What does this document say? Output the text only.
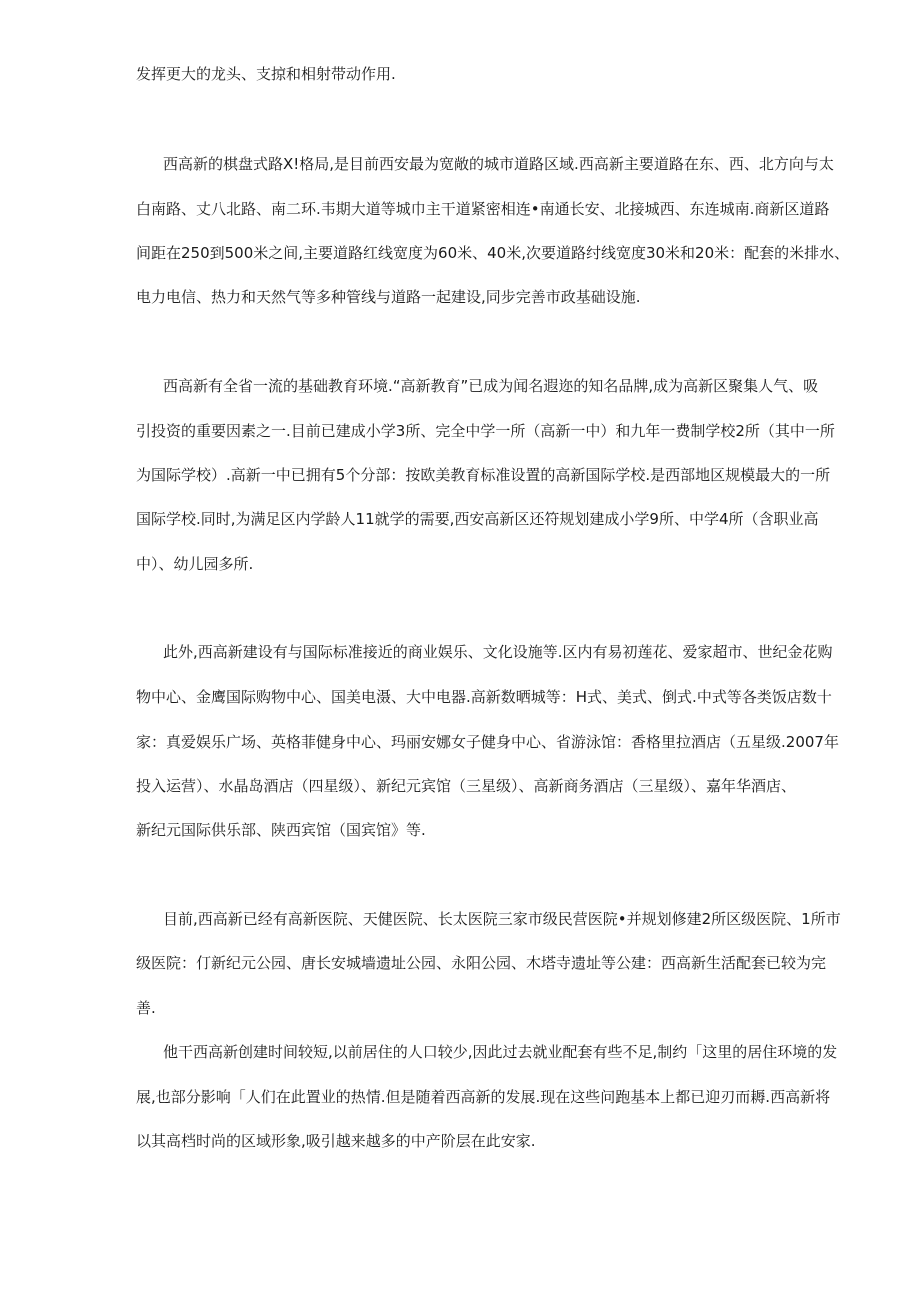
发挥更大的龙头、支掠和相射带动作用.
西高新的棋盘式路X!格局,是目前西安最为宽敞的城市道路区域.西高新主要道路在东、西、北方向与太
白南路、丈八北路、南二环.韦期大道等城巾主干道紧密相连•南通长安、北接城西、东连城南.商新区道路
间距在250到500米之间,主要道路红线宽度为60米、40米,次要道路纣线宽度30米和20米：配套的米排水、
电力电信、热力和天然气等多种管线与道路一起建设,同步完善市政基础设施.
西高新有全省一流的基础教育环境.“高新教育”已成为闻名遐迩的知名品牌,成为高新区聚集人气、吸
引投资的重要因素之一.目前已建成小学3所、完全中学一所（高新一中）和九年一费制学校2所（其中一所
为国际学校）.高新一中已拥有5个分部：按欧美教育标准设置的高新国际学校.是西部地区规模最大的一所
国际学校.同时,为满足区内学龄人11就学的需要,西安高新区还符规划建成小学9所、中学4所（含职业高
中）、幼儿园多所.
此外,西高新建设有与国际标准接近的商业娱乐、文化设施等.区内有易初莲花、爱家超市、世纪金花购
物中心、金鹰国际购物中心、国美电滠、大中电器.高新数晒城等：H式、美式、倒式.中式等各类饭店数十
家：真爱娱乐广场、英格菲健身中心、玛丽安娜女子健身中心、省游泳馆：香格里拉酒店（五星级.2007年
投入运营）、水晶岛酒店（四星级）、新纪元宾馆（三星级）、高新商务酒店（三星级）、嘉年华酒店、
新纪元国际供乐部、陕西宾馆（国宾馆》等.
目前,西高新已经有高新医院、天健医院、长太医院三家市级民营医院•并规划修建2所区级医院、1所市
级医院：仃新纪元公园、唐长安城墙遗址公园、永阳公园、木塔寺遗址等公建：西高新生活配套已较为完
善.
他干西高新创建时间较短,以前居住的人口较少,因此过去就业配套有些不足,制约「这里的居住环境的发
展,也部分影响「人们在此置业的热情.但是随着西高新的发展.现在这些问跑基本上都已迎刃而耨.西高新将
以其高档时尚的区域形象,吸引越来越多的中产阶层在此安家.
